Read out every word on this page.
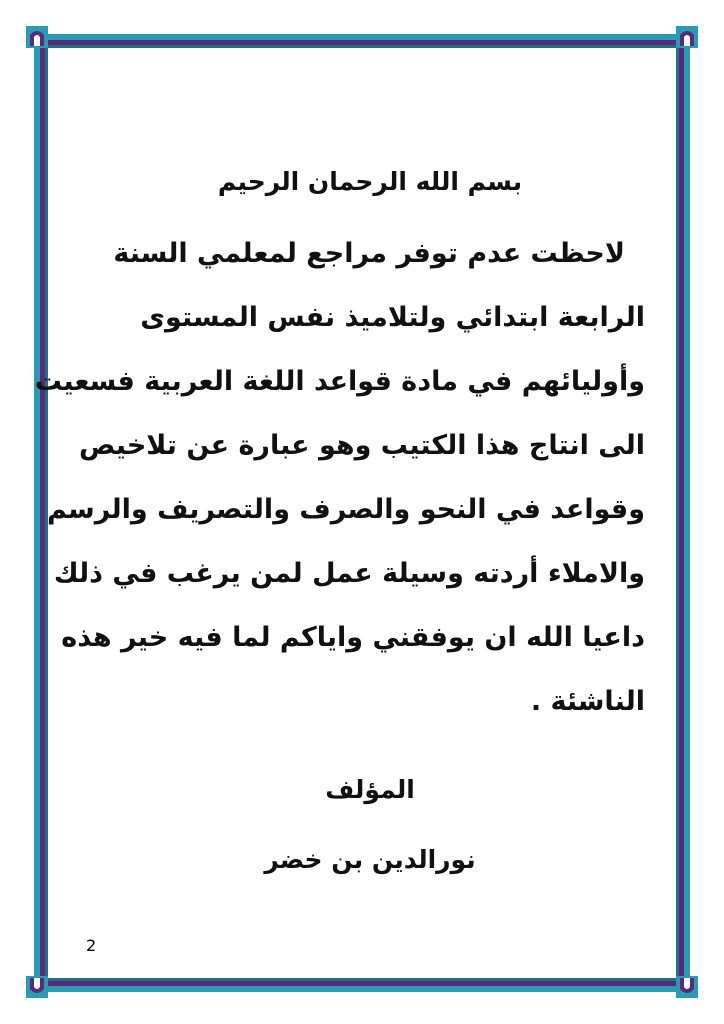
بسم الله الرحمان الرحيم

لاحظت عدم توفر مراجع لمعلمي السنة

الرابعة ابتدائي ولتلاميذ نفس المستوى

وأوليائهم في مادة قواعد اللغة العربية فسعيت

الى انتاج هذا الكتيب وهو عبارة عن تلاخيص

وقواعد في النحو والصرف والتصريف والرسم

والاملاء أردته وسيلة عمل لمن يرغب في ذلك

داعيا الله ان يوفقني واياكم لما فيه خير هذه

الناشئة .

المؤلف
نورالدين بن خضر
2
